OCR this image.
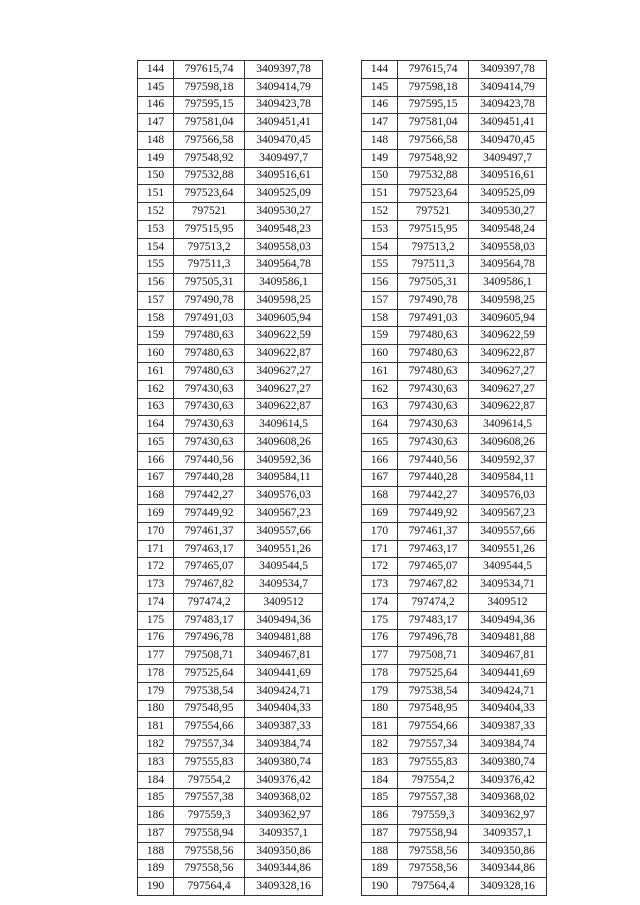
144	797615,74	3409397,78
145	797598,18	3409414,79
146	797595,15	3409423,78
147	797581,04	3409451,41
148	797566,58	3409470,45
149	797548,92	3409497,7
150	797532,88	3409516,61
151	797523,64	3409525,09
152	797521	3409530,27
153	797515,95	3409548,23
154	797513,2	3409558,03
155	797511,3	3409564,78
156	797505,31	3409586,1
157	797490,78	3409598,25
158	797491,03	3409605,94
159	797480,63	3409622,59
160	797480,63	3409622,87
161	797480,63	3409627,27
162	797430,63	3409627,27
163	797430,63	3409622,87
164	797430,63	3409614,5
165	797430,63	3409608,26
166	797440,56	3409592,36
167	797440,28	3409584,11
168	797442,27	3409576,03
169	797449,92	3409567,23
170	797461,37	3409557,66
171	797463,17	3409551,26
172	797465,07	3409544,5
173	797467,82	3409534,7
174	797474,2	3409512
175	797483,17	3409494,36
176	797496,78	3409481,88
177	797508,71	3409467,81
178	797525,64	3409441,69
179	797538,54	3409424,71
180	797548,95	3409404,33
181	797554,66	3409387,33
182	797557,34	3409384,74
183	797555,83	3409380,74
184	797554,2	3409376,42
185	797557,38	3409368,02
186	797559,3	3409362,97
187	797558,94	3409357,1
188	797558,56	3409350,86
189	797558,56	3409344,86
190	797564,4	3409328,16
144	797615,74	3409397,78
145	797598,18	3409414,79
146	797595,15	3409423,78
147	797581,04	3409451,41
148	797566,58	3409470,45
149	797548,92	3409497,7
150	797532,88	3409516,61
151	797523,64	3409525,09
152	797521	3409530,27
153	797515,95	3409548,24
154	797513,2	3409558,03
155	797511,3	3409564,78
156	797505,31	3409586,1
157	797490,78	3409598,25
158	797491,03	3409605,94
159	797480,63	3409622,59
160	797480,63	3409622,87
161	797480,63	3409627,27
162	797430,63	3409627,27
163	797430,63	3409622,87
164	797430,63	3409614,5
165	797430,63	3409608,26
166	797440,56	3409592,37
167	797440,28	3409584,11
168	797442,27	3409576,03
169	797449,92	3409567,23
170	797461,37	3409557,66
171	797463,17	3409551,26
172	797465,07	3409544,5
173	797467,82	3409534,71
174	797474,2	3409512
175	797483,17	3409494,36
176	797496,78	3409481,88
177	797508,71	3409467,81
178	797525,64	3409441,69
179	797538,54	3409424,71
180	797548,95	3409404,33
181	797554,66	3409387,33
182	797557,34	3409384,74
183	797555,83	3409380,74
184	797554,2	3409376,42
185	797557,38	3409368,02
186	797559,3	3409362,97
187	797558,94	3409357,1
188	797558,56	3409350,86
189	797558,56	3409344,86
190	797564,4	3409328,16
